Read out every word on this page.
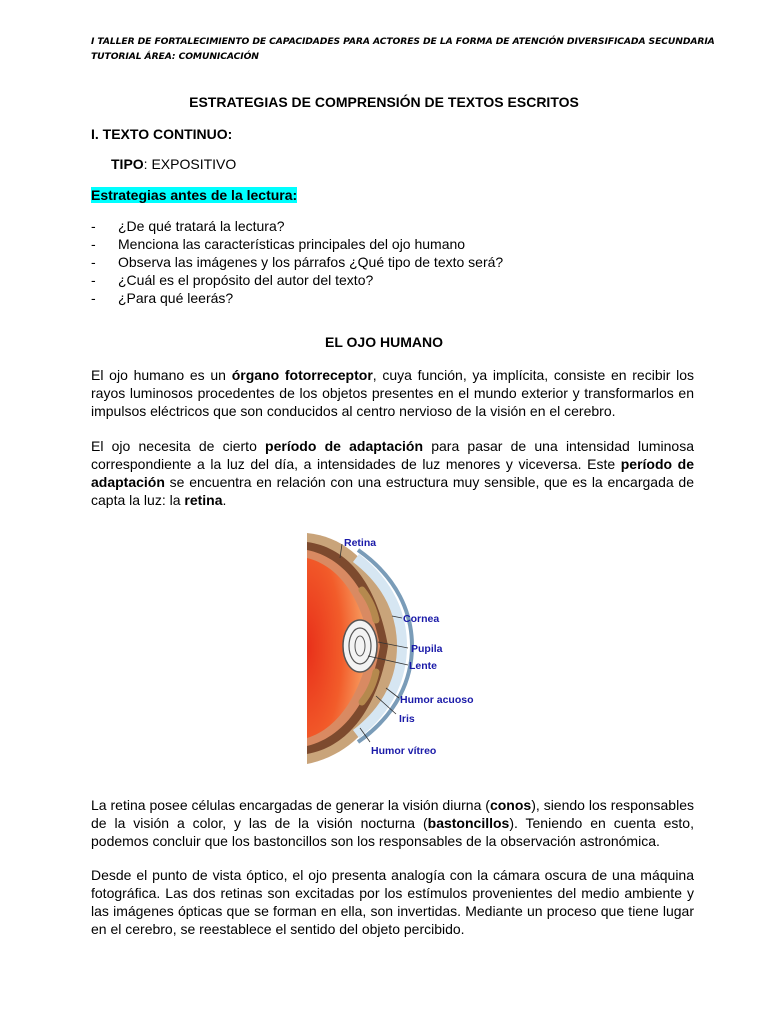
I TALLER DE FORTALECIMIENTO DE CAPACIDADES PARA ACTORES DE LA FORMA DE ATENCIÓN DIVERSIFICADA SECUNDARIA
TUTORIAL ÁREA: COMUNICACIÓN
ESTRATEGIAS DE COMPRENSIÓN DE TEXTOS ESCRITOS
I. TEXTO CONTINUO:
TIPO: EXPOSITIVO
Estrategias antes de la lectura:
-	¿De qué tratará la lectura?
-	Menciona las características principales del ojo humano
-	Observa las imágenes y los párrafos ¿Qué tipo de texto será?
-	¿Cuál es el propósito del autor del texto?
-	¿Para qué leerás?
EL OJO HUMANO

El ojo humano es un órgano fotorreceptor, cuya función, ya implícita, consiste en recibir los rayos luminosos procedentes de los objetos presentes en el mundo exterior y transformarlos en impulsos eléctricos que son conducidos al centro nervioso de la visión en el cerebro.

El ojo necesita de cierto período de adaptación para pasar de una intensidad luminosa correspondiente a la luz del día, a intensidades de luz menores y viceversa. Este período de adaptación se encuentra en relación con una estructura muy sensible, que es la encargada de capta la luz: la retina.

Retina
Cornea
Pupila
Lente
Humor acuoso
Iris
Humor vítreo

La retina posee células encargadas de generar la visión diurna (conos), siendo los responsables de la visión a color, y las de la visión nocturna (bastoncillos). Teniendo en cuenta esto, podemos concluir que los bastoncillos son los responsables de la observación astronómica.

Desde el punto de vista óptico, el ojo presenta analogía con la cámara oscura de una máquina fotográfica. Las dos retinas son excitadas por los estímulos provenientes del medio ambiente y las imágenes ópticas que se forman en ella, son invertidas. Mediante un proceso que tiene lugar en el cerebro, se reestablece el sentido del objeto percibido.
